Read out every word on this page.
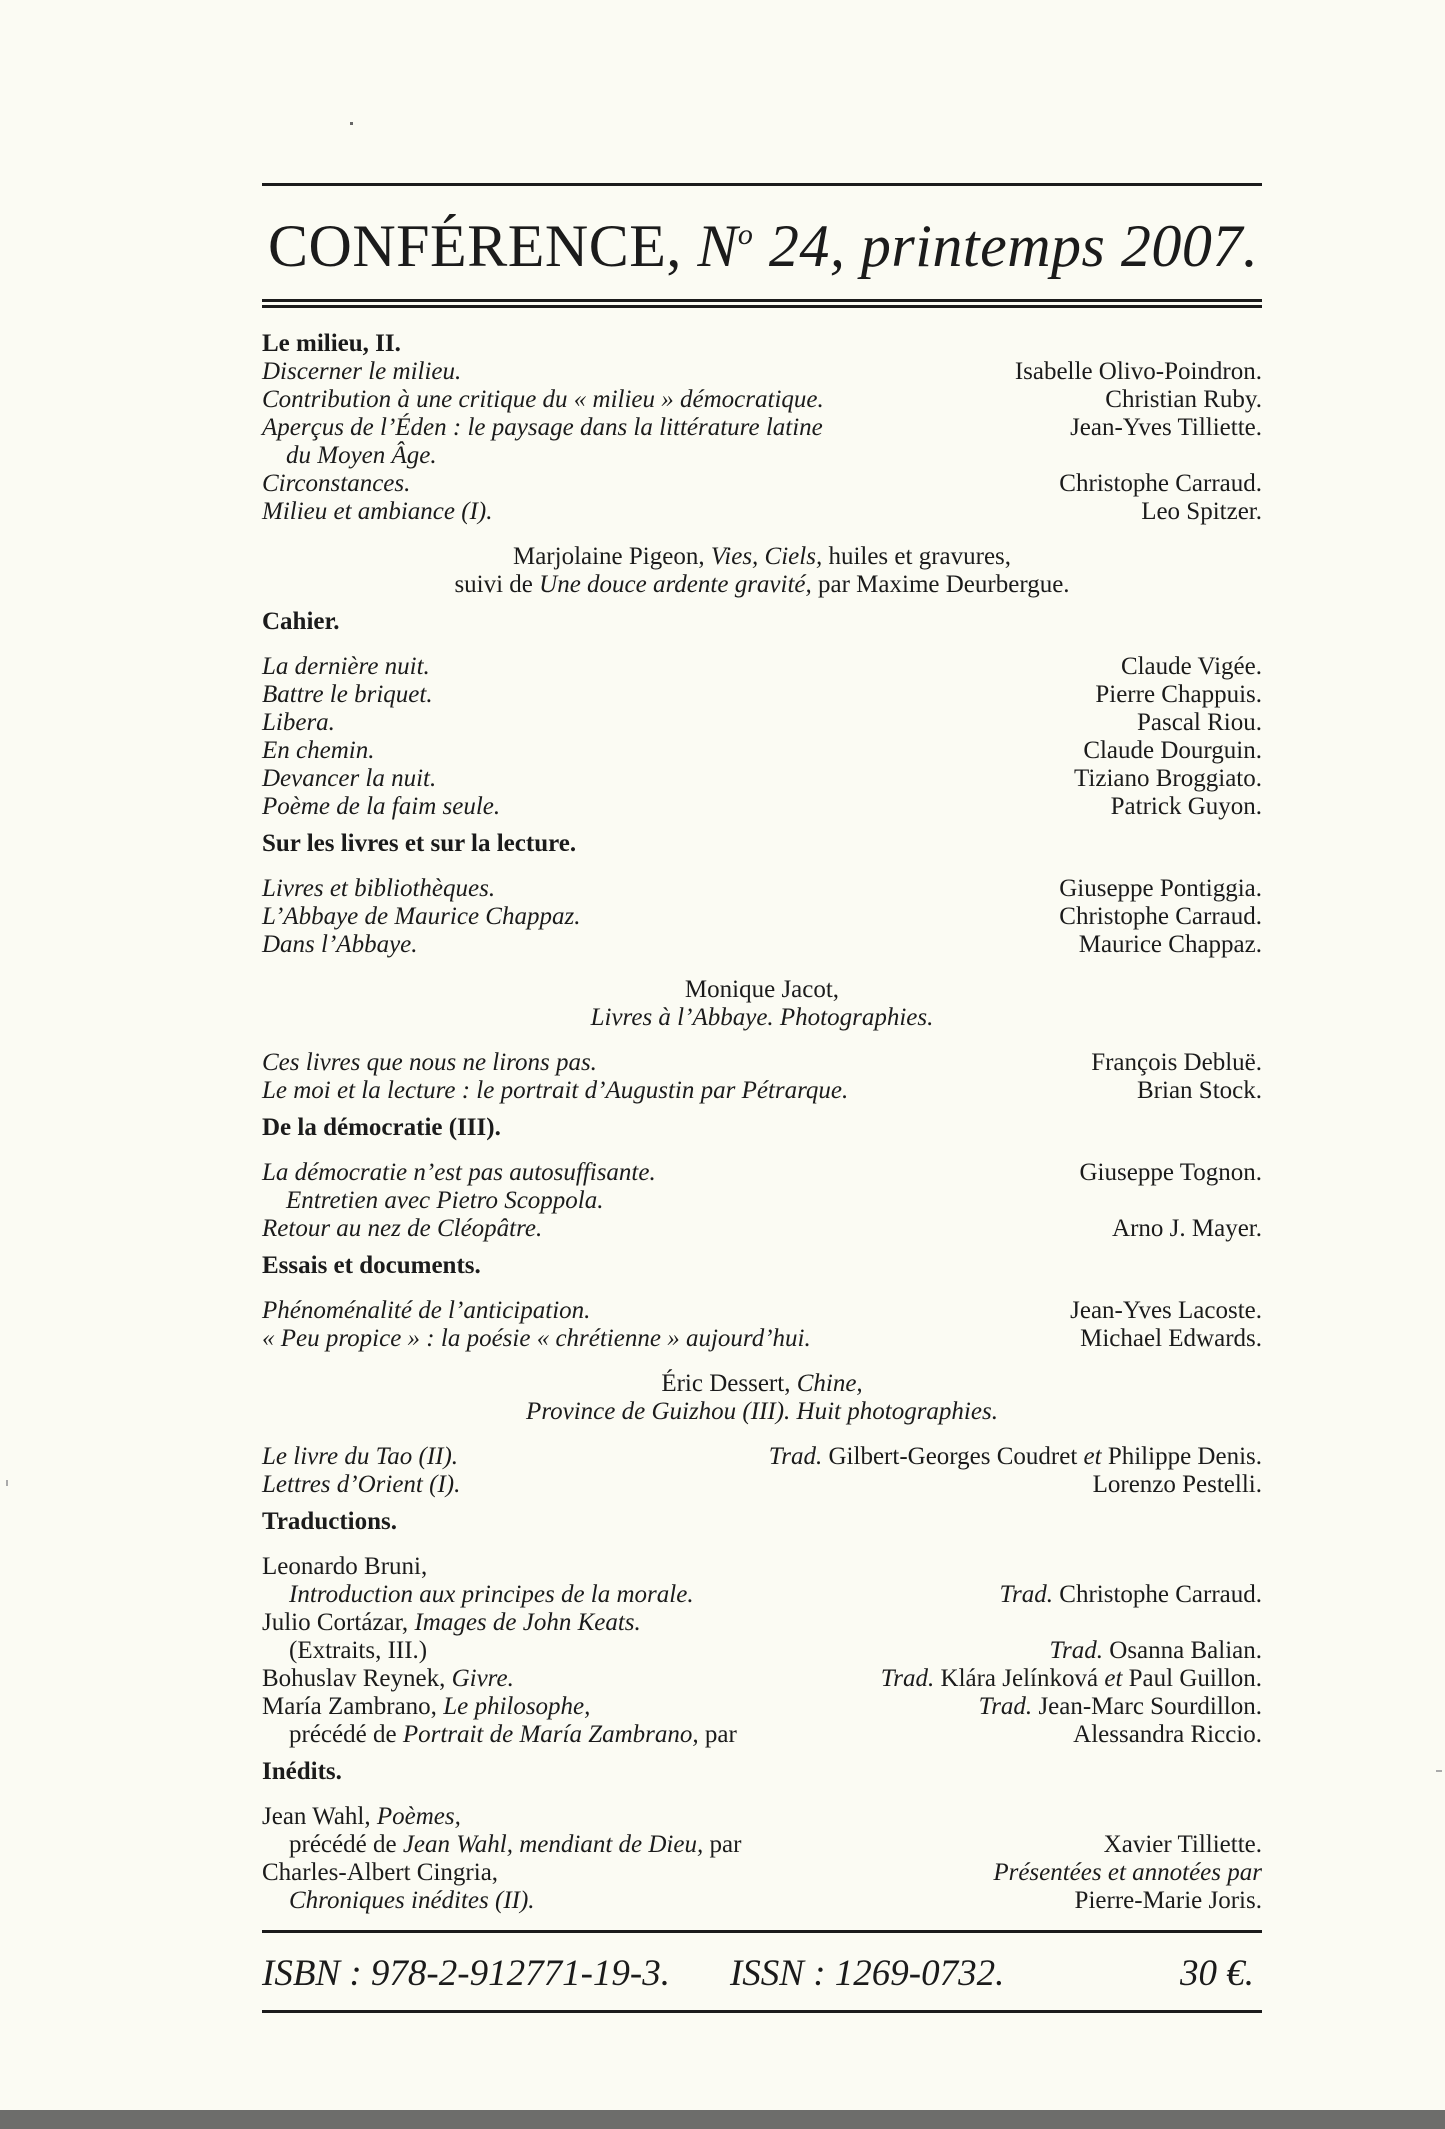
CONFÉRENCE, $N^o$ 24, printemps 2007.

Le milieu, II.

Discerner le milieu.	Isabelle Olivo-Poindron.
Contribution à une critique du « milieu » démocratique.	Christian Ruby.
Aperçus de l’Éden : le paysage dans la littérature latine	Jean-Yves Tilliette.
du Moyen Âge.
Circonstances.	Christophe Carraud.
Milieu et ambiance (I).	Leo Spitzer.
Marjolaine Pigeon, Vies, Ciels, huiles et gravures,
suivi de Une douce ardente gravité, par Maxime Deurbergue.

Cahier.

La dernière nuit.	Claude Vigée.
Battre le briquet.	Pierre Chappuis.
Libera.	Pascal Riou.
En chemin.	Claude Dourguin.
Devancer la nuit.	Tiziano Broggiato.
Poème de la faim seule.	Patrick Guyon.

Sur les livres et sur la lecture.

Livres et bibliothèques.	Giuseppe Pontiggia.
L’Abbaye de Maurice Chappaz.	Christophe Carraud.
Dans l’Abbaye.	Maurice Chappaz.
Monique Jacot,
Livres à l’Abbaye. Photographies.
Ces livres que nous ne lirons pas.	François Debluë.
Le moi et la lecture : le portrait d’Augustin par Pétrarque.	Brian Stock.

De la démocratie (III).

La démocratie n’est pas autosuffisante.	Giuseppe Tognon.
Entretien avec Pietro Scoppola.
Retour au nez de Cléopâtre.	Arno J. Mayer.

Essais et documents.

Phénoménalité de l’anticipation.	Jean-Yves Lacoste.
« Peu propice » : la poésie « chrétienne » aujourd’hui.	Michael Edwards.
Éric Dessert, Chine,
Province de Guizhou (III). Huit photographies.
Le livre du Tao (II).	Trad. Gilbert-Georges Coudret et Philippe Denis.
Lettres d’Orient (I).	Lorenzo Pestelli.

Traductions.

Leonardo Bruni,
Introduction aux principes de la morale.	Trad. Christophe Carraud.
Julio Cortázar, Images de John Keats.
(Extraits, III.)	Trad. Osanna Balian.
Bohuslav Reynek, Givre.	Trad. Klára Jelínková et Paul Guillon.
María Zambrano, Le philosophe,	Trad. Jean-Marc Sourdillon.
précédé de Portrait de María Zambrano, par	Alessandra Riccio.

Inédits.

Jean Wahl, Poèmes,
précédé de Jean Wahl, mendiant de Dieu, par	Xavier Tilliette.
Charles-Albert Cingria,	Présentées et annotées par
Chroniques inédites (II).	Pierre-Marie Joris.
ISBN : 978-2-912771-19-3. ISSN : 1269-0732.	30 €.
